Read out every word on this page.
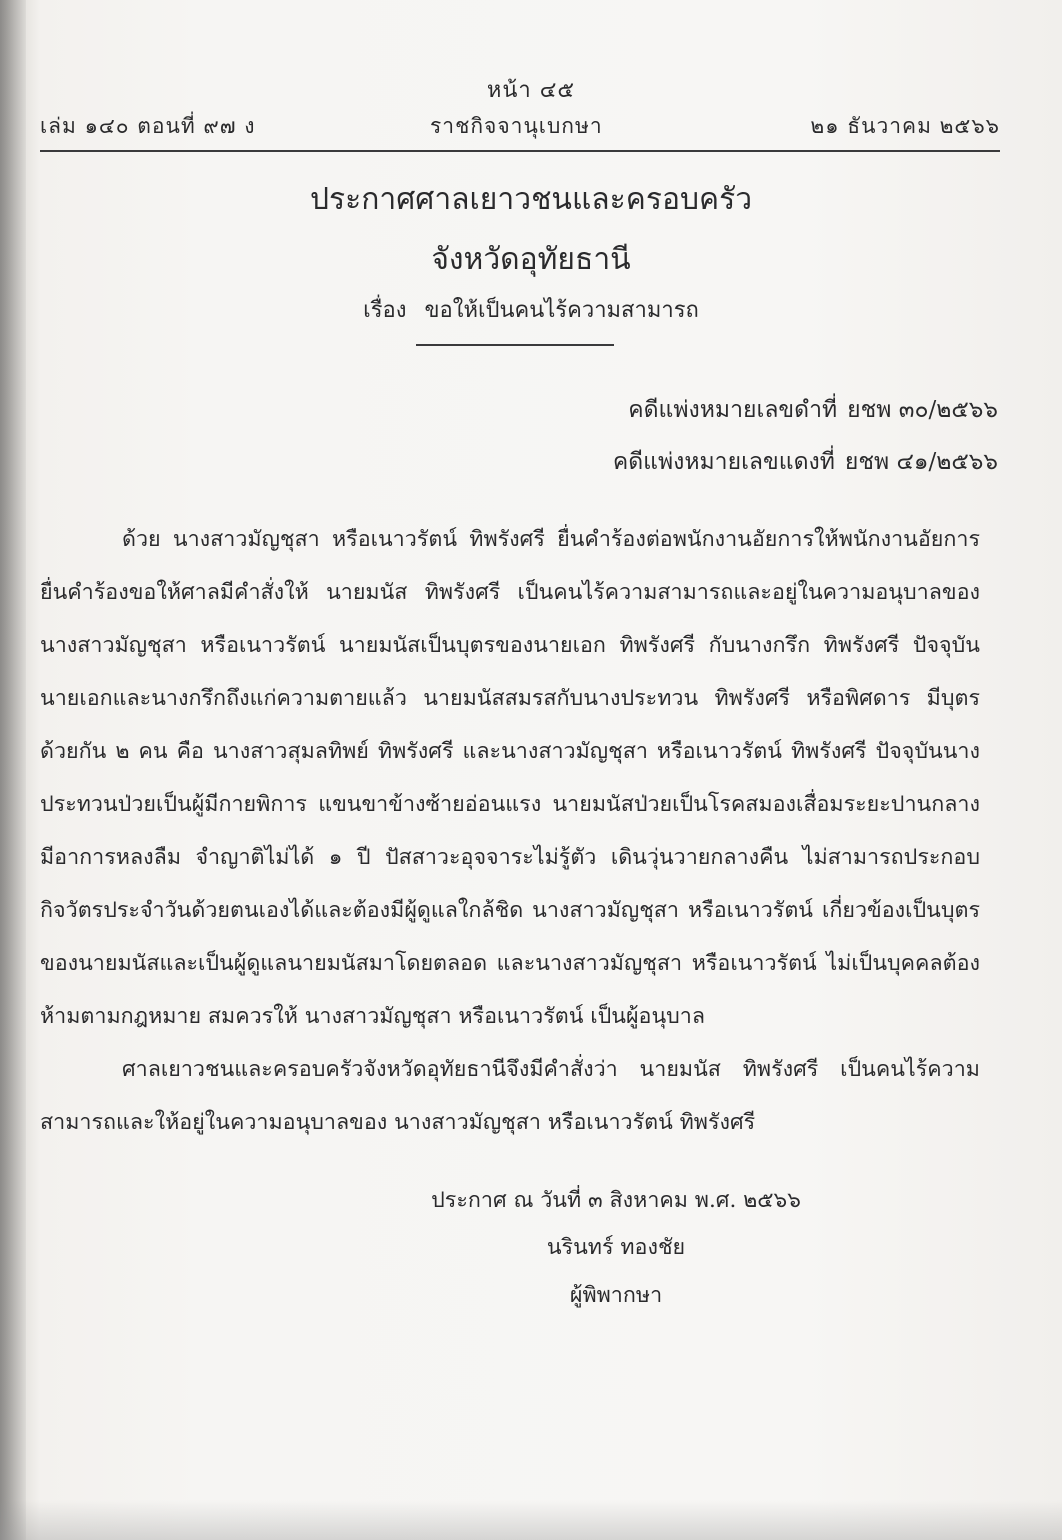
หน้า ๔๕
เล่ม ๑๔๐ ตอนที่ ๙๗ ง	ราชกิจจานุเบกษา	๒๑ ธันวาคม ๒๕๖๖
ประกาศศาลเยาวชนและครอบครัว
จังหวัดอุทัยธานี
เรื่อง ขอให้เป็นคนไร้ความสามารถ
คดีแพ่งหมายเลขดำที่ ยชพ ๓๐/๒๕๖๖
คดีแพ่งหมายเลขแดงที่ ยชพ ๔๑/๒๕๖๖

ด้วย นางสาวมัญชุสา หรือเนาวรัตน์ ทิพรังศรี ยื่นคำร้องต่อพนักงานอัยการให้พนักงานอัยการยื่นคำร้องขอให้ศาลมีคำสั่งให้ นายมนัส ทิพรังศรี เป็นคนไร้ความสามารถและอยู่ในความอนุบาลของ นางสาวมัญชุสา หรือเนาวรัตน์ นายมนัสเป็นบุตรของนายเอก ทิพรังศรี กับนางกรึก ทิพรังศรี ปัจจุบัน นายเอกและนางกรึกถึงแก่ความตายแล้ว นายมนัสสมรสกับนางประทวน ทิพรังศรี หรือพิศดาร มีบุตรด้วยกัน ๒ คน คือ นางสาวสุมลทิพย์ ทิพรังศรี และนางสาวมัญชุสา หรือเนาวรัตน์ ทิพรังศรี ปัจจุบันนางประทวนป่วยเป็นผู้มีกายพิการ แขนขาข้างซ้ายอ่อนแรง นายมนัสป่วยเป็นโรคสมองเสื่อมระยะปานกลาง มีอาการหลงลืม จำญาติไม่ได้ ๑ ปี ปัสสาวะอุจจาระไม่รู้ตัว เดินวุ่นวายกลางคืน ไม่สามารถประกอบกิจวัตรประจำวันด้วยตนเองได้และต้องมีผู้ดูแลใกล้ชิด นางสาวมัญชุสา หรือเนาวรัตน์ เกี่ยวข้องเป็นบุตรของนายมนัสและเป็นผู้ดูแลนายมนัสมาโดยตลอด และนางสาวมัญชุสา หรือเนาวรัตน์ ไม่เป็นบุคคลต้องห้ามตามกฎหมาย สมควรให้ นางสาวมัญชุสา หรือเนาวรัตน์ เป็นผู้อนุบาล

ศาลเยาวชนและครอบครัวจังหวัดอุทัยธานีจึงมีคำสั่งว่า นายมนัส ทิพรังศรี เป็นคนไร้ความสามารถและให้อยู่ในความอนุบาลของ นางสาวมัญชุสา หรือเนาวรัตน์ ทิพรังศรี

ประกาศ ณ วันที่ ๓ สิงหาคม พ.ศ. ๒๕๖๖
นรินทร์ ทองชัย
ผู้พิพากษา
